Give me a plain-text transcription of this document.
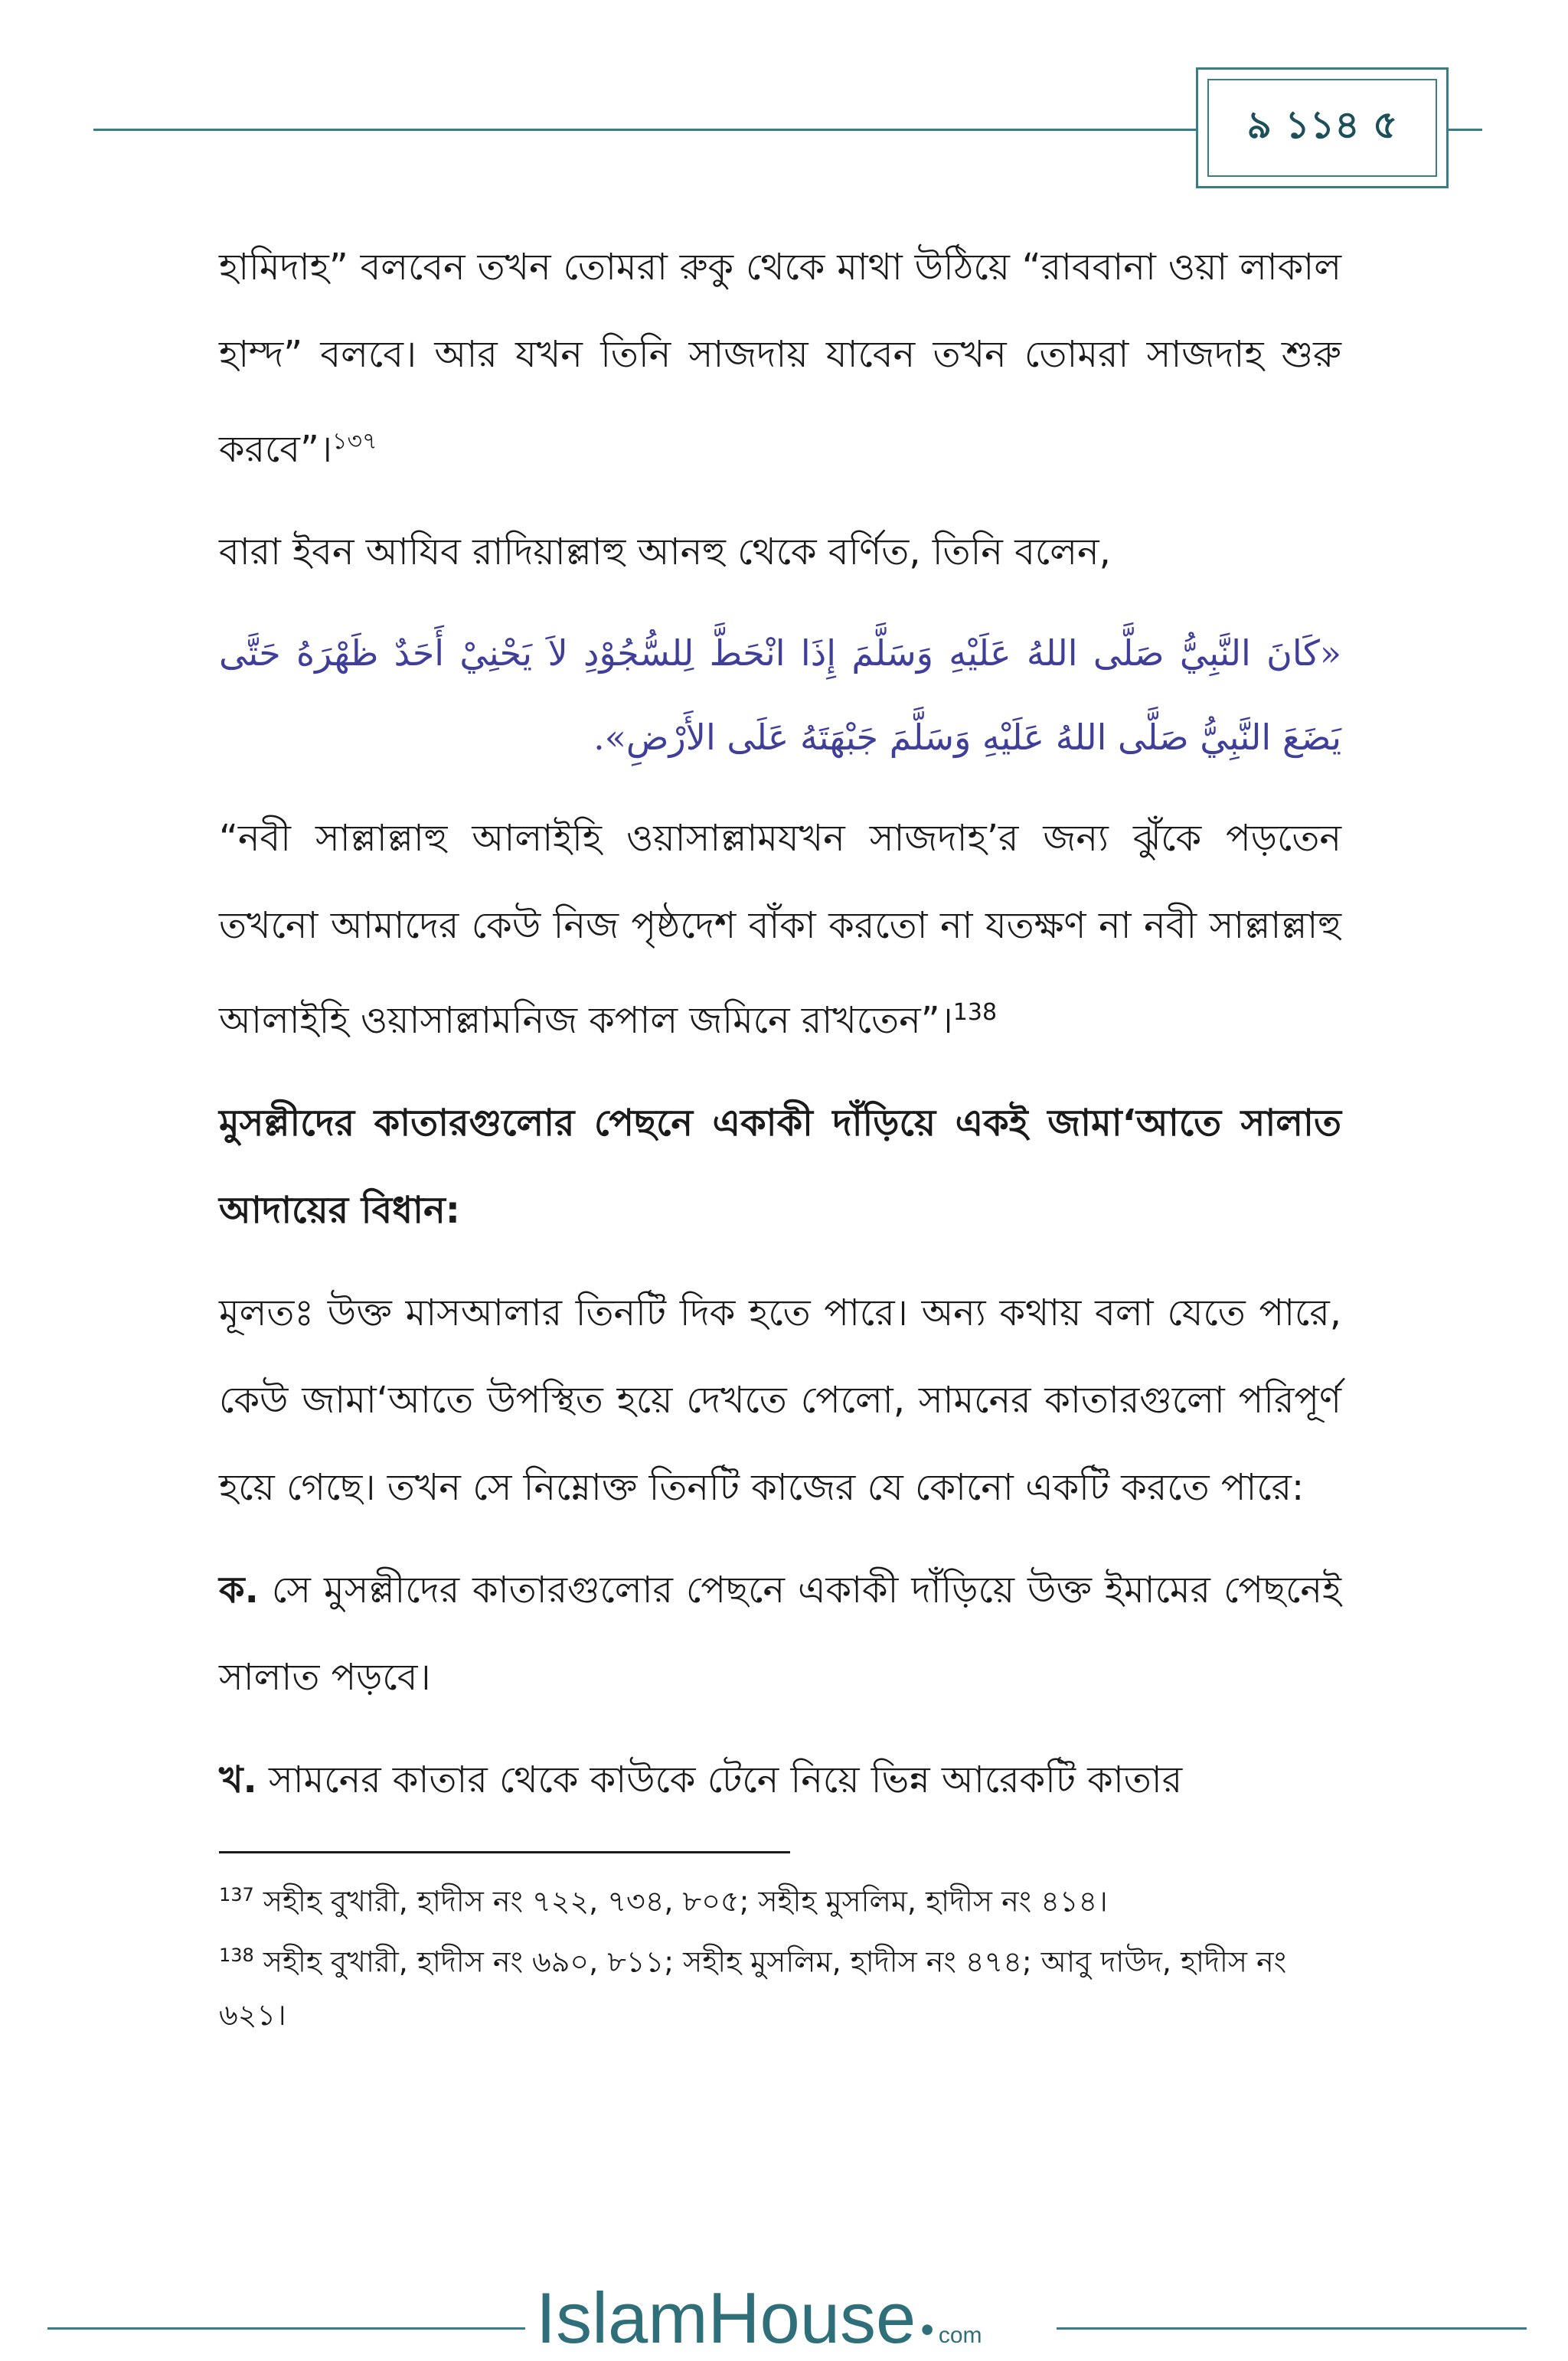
৯ ১১৪ ৫

হামিদাহ” বলবেন তখন তোমরা রুকু থেকে মাথা উঠিয়ে “রাববানা ওয়া লাকাল হাম্দ” বলবে। আর যখন তিনি সাজদায় যাবেন তখন তোমরা সাজদাহ শুরু করবে”।$^{১৩৭}$

বারা ইবন আযিব রাদিয়াল্লাহু আনহু থেকে বর্ণিত, তিনি বলেন,

«كَانَ النَّبِيُّ صَلَّى اللهُ عَلَيْهِ وَسَلَّمَ إِذَا انْحَطَّ لِلسُّجُوْدِ لاَ يَحْنِيْ أَحَدٌ ظَهْرَهُ حَتَّى يَضَعَ النَّبِيُّ صَلَّى اللهُ عَلَيْهِ وَسَلَّمَ جَبْهَتَهُ عَلَى الأَرْضِ».

“নবী সাল্লাল্লাহু আলাইহি ওয়াসাল্লামযখন সাজদাহ’র জন্য ঝুঁকে পড়তেন তখনো আমাদের কেউ নিজ পৃষ্ঠদেশ বাঁকা করতো না যতক্ষণ না নবী সাল্লাল্লাহু আলাইহি ওয়াসাল্লামনিজ কপাল জমিনে রাখতেন”।$^{138}$

মুসল্লীদের কাতারগুলোর পেছনে একাকী দাঁড়িয়ে একই জামা‘আতে সালাত আদায়ের বিধান:

মূলতঃ উক্ত মাসআলার তিনটি দিক হতে পারে। অন্য কথায় বলা যেতে পারে, কেউ জামা‘আতে উপস্থিত হয়ে দেখতে পেলো, সামনের কাতারগুলো পরিপূর্ণ হয়ে গেছে। তখন সে নিম্নোক্ত তিনটি কাজের যে কোনো একটি করতে পারে:

ক. সে মুসল্লীদের কাতারগুলোর পেছনে একাকী দাঁড়িয়ে উক্ত ইমামের পেছনেই সালাত পড়বে।

খ. সামনের কাতার থেকে কাউকে টেনে নিয়ে ভিন্ন আরেকটি কাতার

$^{137}$ সহীহ বুখারী, হাদীস নং ৭২২, ৭৩৪, ৮০৫; সহীহ মুসলিম, হাদীস নং ৪১৪।

$^{138}$ সহীহ বুখারী, হাদীস নং ৬৯০, ৮১১; সহীহ মুসলিম, হাদীস নং ৪৭৪; আবু দাউদ, হাদীস নং ৬২১।

IslamHouse • com
